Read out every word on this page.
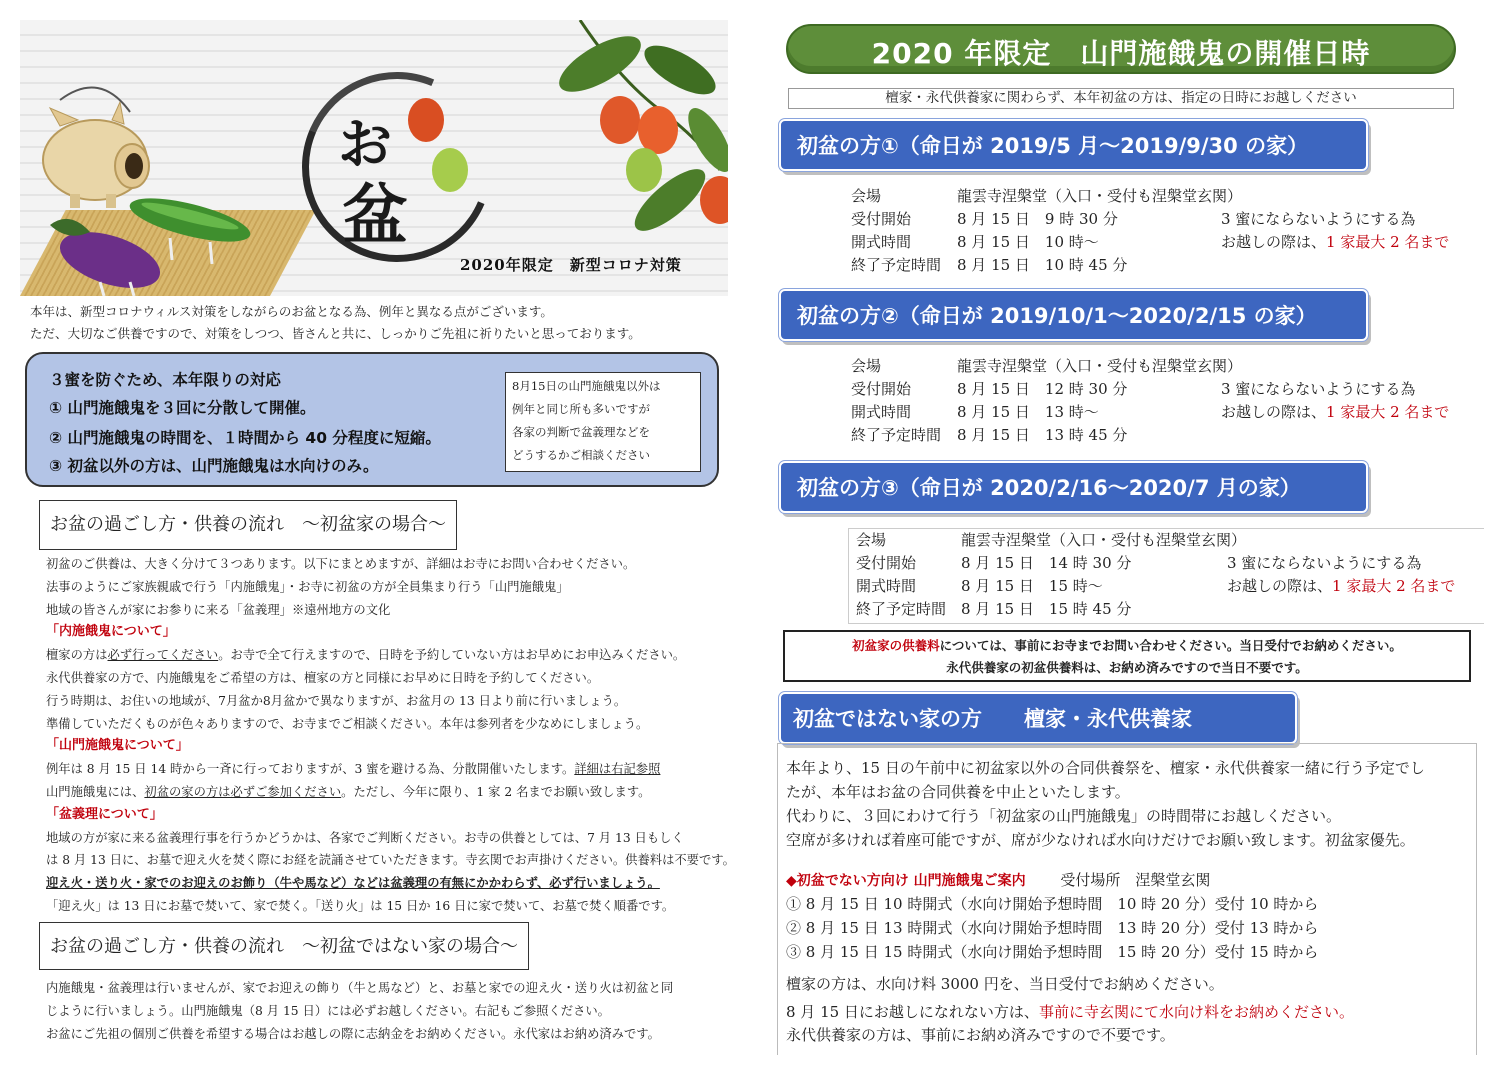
お
盆
2020年限定　新型コロナ対策
本年は、新型コロナウィルス対策をしながらのお盆となる為、例年と異なる点がございます。
ただ、大切なご供養ですので、対策をしつつ、皆さんと共に、しっかりご先祖に祈りたいと思っております。
３蜜を防ぐため、本年限りの対応
① 山門施餓鬼を３回に分散して開催。
② 山門施餓鬼の時間を、１時間から 40 分程度に短縮。
③ 初盆以外の方は、山門施餓鬼は水向けのみ。
8月15日の山門施餓鬼以外は
例年と同じ所も多いですが
各家の判断で盆義理などを
どうするかご相談ください
お盆の過ごし方・供養の流れ　～初盆家の場合～
初盆のご供養は、大きく分けて３つあります。以下にまとめますが、詳細はお寺にお問い合わせください。
法事のようにご家族親戚で行う「内施餓鬼」・お寺に初盆の方が全員集まり行う「山門施餓鬼」
地域の皆さんが家にお参りに来る「盆義理」※遠州地方の文化
「内施餓鬼について」
檀家の方は必ず行ってください。お寺で全て行えますので、日時を予約していない方はお早めにお申込みください。
永代供養家の方で、内施餓鬼をご希望の方は、檀家の方と同様にお早めに日時を予約してください。
行う時期は、お住いの地域が、7月盆か8月盆かで異なりますが、お盆月の 13 日より前に行いましょう。
準備していただくものが色々ありますので、お寺までご相談ください。本年は参列者を少なめにしましょう。
「山門施餓鬼について」
例年は 8 月 15 日 14 時から一斉に行っておりますが、3 蜜を避ける為、分散開催いたします。詳細は右記参照
山門施餓鬼には、初盆の家の方は必ずご参加ください。ただし、今年に限り、1 家 2 名までお願い致します。
「盆義理について」
地域の方が家に来る盆義理行事を行うかどうかは、各家でご判断ください。お寺の供養としては、7 月 13 日もしく
は 8 月 13 日に、お墓で迎え火を焚く際にお経を読誦させていただきます。寺玄関でお声掛けください。供養料は不要です。
迎え火・送り火・家でのお迎えのお飾り（牛や馬など）などは盆義理の有無にかかわらず、必ず行いましょう。
「迎え火」は 13 日にお墓で焚いて、家で焚く。「送り火」は 15 日か 16 日に家で焚いて、お墓で焚く順番です。
お盆の過ごし方・供養の流れ　～初盆ではない家の場合～
内施餓鬼・盆義理は行いませんが、家でお迎えの飾り（牛と馬など）と、お墓と家での迎え火・送り火は初盆と同
じように行いましょう。山門施餓鬼（8 月 15 日）には必ずお越しください。右記もご参照ください。
お盆にご先祖の個別ご供養を希望する場合はお越しの際に志納金をお納めください。永代家はお納め済みです。
2020 年限定　山門施餓鬼の開催日時
檀家・永代供養家に関わらず、本年初盆の方は、指定の日時にお越しください
初盆の方①（命日が 2019/5 月～2019/9/30 の家）
会場
受付開始
開式時間
終了予定時間
龍雲寺涅槃堂（入口・受付も涅槃堂玄関）
8 月 15 日　9 時 30 分
8 月 15 日　10 時～
8 月 15 日　10 時 45 分
3 蜜にならないようにする為
お越しの際は、1 家最大 2 名まで
初盆の方②（命日が 2019/10/1～2020/2/15 の家）
会場
受付開始
開式時間
終了予定時間
龍雲寺涅槃堂（入口・受付も涅槃堂玄関）
8 月 15 日　12 時 30 分
8 月 15 日　13 時～
8 月 15 日　13 時 45 分
3 蜜にならないようにする為
お越しの際は、1 家最大 2 名まで
初盆の方③（命日が 2020/2/16～2020/7 月の家）
会場
受付開始
開式時間
終了予定時間
龍雲寺涅槃堂（入口・受付も涅槃堂玄関）
8 月 15 日　14 時 30 分
8 月 15 日　15 時～
8 月 15 日　15 時 45 分
3 蜜にならないようにする為
お越しの際は、1 家最大 2 名まで
初盆家の供養料については、事前にお寺までお問い合わせください。当日受付でお納めください。
永代供養家の初盆供養料は、お納め済みですので当日不要です。
初盆ではない家の方　　檀家・永代供養家
本年より、15 日の午前中に初盆家以外の合同供養祭を、檀家・永代供養家一緒に行う予定でし
たが、本年はお盆の合同供養を中止といたします。
代わりに、３回にわけて行う「初盆家の山門施餓鬼」の時間帯にお越しください。
空席が多ければ着座可能ですが、席が少なければ水向けだけでお願い致します。初盆家優先。
◆初盆でない方向け 山門施餓鬼ご案内 受付場所　涅槃堂玄関
① 8 月 15 日 10 時開式（水向け開始予想時間　10 時 20 分）受付 10 時から
② 8 月 15 日 13 時開式（水向け開始予想時間　13 時 20 分）受付 13 時から
③ 8 月 15 日 15 時開式（水向け開始予想時間　15 時 20 分）受付 15 時から
檀家の方は、水向け料 3000 円を、当日受付でお納めください。
8 月 15 日にお越しになれない方は、事前に寺玄関にて水向け料をお納めください。
永代供養家の方は、事前にお納め済みですので不要です。
